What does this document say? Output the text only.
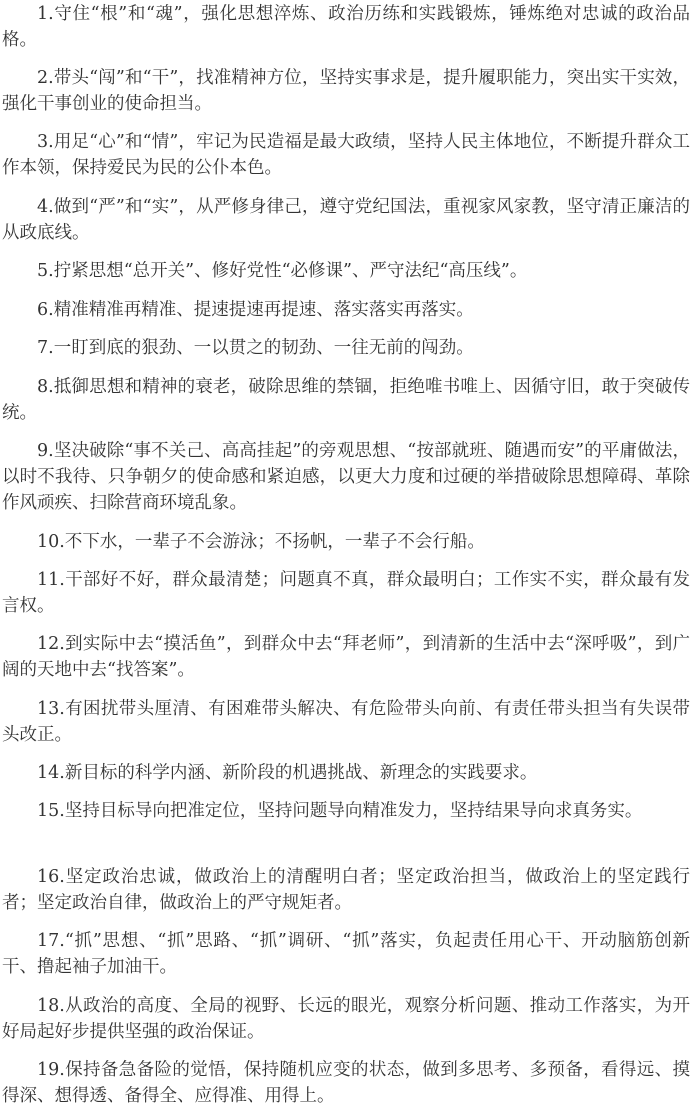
1.守住“根”和“魂”，强化思想淬炼、政治历练和实践锻炼，锤炼绝对忠诚的政治品格。

2.带头“闯”和“干”，找准精神方位，坚持实事求是，提升履职能力，突出实干实效，强化干事创业的使命担当。

3.用足“心”和“情”，牢记为民造福是最大政绩，坚持人民主体地位，不断提升群众工作本领，保持爱民为民的公仆本色。

4.做到“严”和“实”，从严修身律己，遵守党纪国法，重视家风家教，坚守清正廉洁的从政底线。

5.拧紧思想“总开关”、修好党性“必修课”、严守法纪“高压线”。

6.精准精准再精准、提速提速再提速、落实落实再落实。

7.一盯到底的狠劲、一以贯之的韧劲、一往无前的闯劲。

8.抵御思想和精神的衰老，破除思维的禁锢，拒绝唯书唯上、因循守旧，敢于突破传统。

9.坚决破除“事不关己、高高挂起”的旁观思想、“按部就班、随遇而安”的平庸做法，以时不我待、只争朝夕的使命感和紧迫感，以更大力度和过硬的举措破除思想障碍、革除作风顽疾、扫除营商环境乱象。

10.不下水，一辈子不会游泳；不扬帆，一辈子不会行船。

11.干部好不好，群众最清楚；问题真不真，群众最明白；工作实不实，群众最有发言权。

12.到实际中去“摸活鱼”，到群众中去“拜老师”，到清新的生活中去“深呼吸”，到广阔的天地中去“找答案”。

13.有困扰带头厘清、有困难带头解决、有危险带头向前、有责任带头担当有失误带头改正。

14.新目标的科学内涵、新阶段的机遇挑战、新理念的实践要求。

15.坚持目标导向把准定位，坚持问题导向精准发力，坚持结果导向求真务实。

16.坚定政治忠诚，做政治上的清醒明白者；坚定政治担当，做政治上的坚定践行者；坚定政治自律，做政治上的严守规矩者。

17.“抓”思想、“抓”思路、“抓”调研、“抓”落实，负起责任用心干、开动脑筋创新干、撸起袖子加油干。

18.从政治的高度、全局的视野、长远的眼光，观察分析问题、推动工作落实，为开好局起好步提供坚强的政治保证。

19.保持备急备险的觉悟，保持随机应变的状态，做到多思考、多预备，看得远、摸得深、想得透、备得全、应得准、用得上。
